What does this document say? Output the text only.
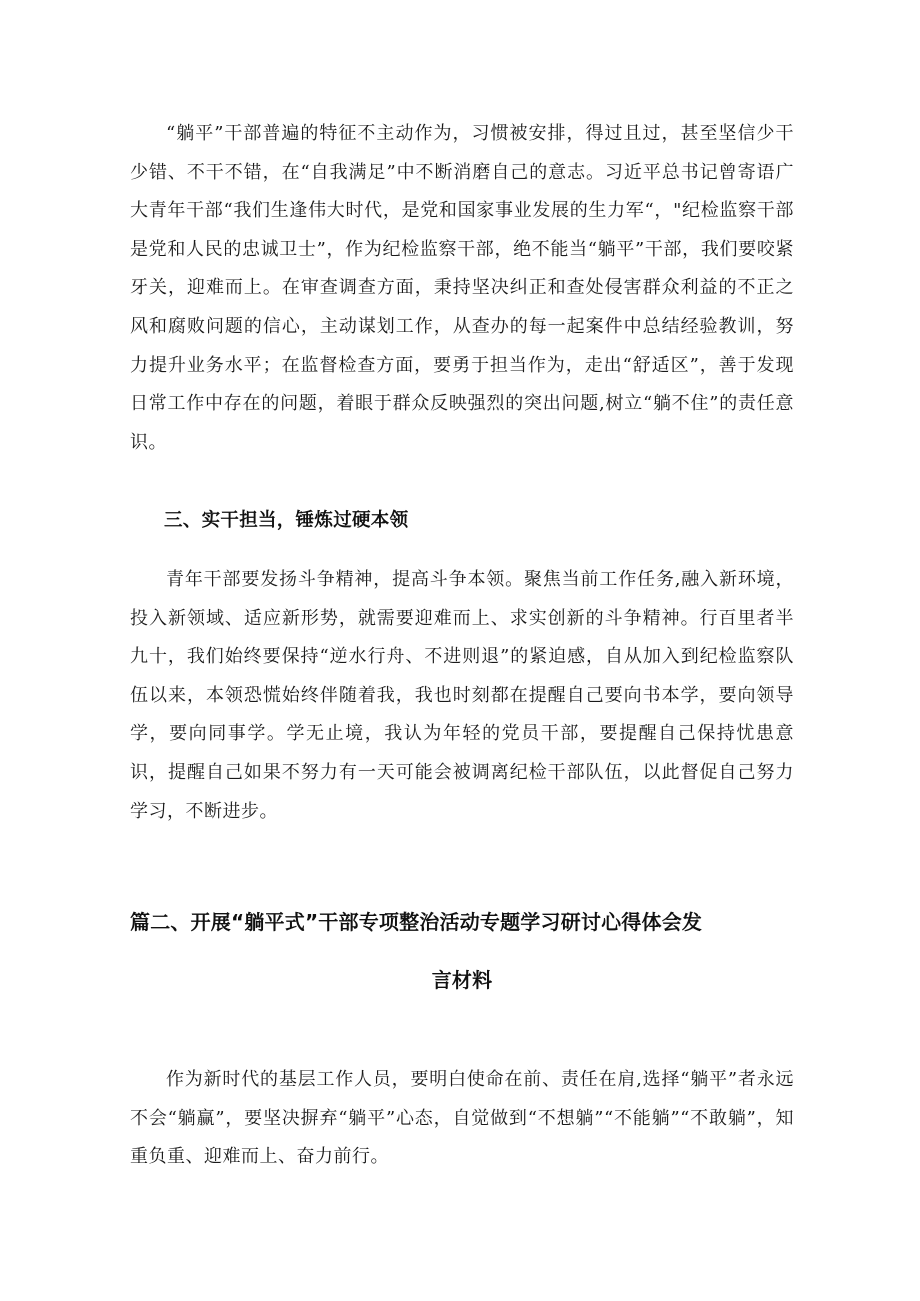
“躺平”干部普遍的特征不主动作为，习惯被安排，得过且过，甚至坚信少干少错、不干不错，在“自我满足”中不断消磨自己的意志。习近平总书记曾寄语广大青年干部“我们生逢伟大时代，是党和国家事业发展的生力军“，"纪检监察干部是党和人民的忠诚卫士”，作为纪检监察干部，绝不能当“躺平”干部，我们要咬紧牙关，迎难而上。在审查调查方面，秉持坚决纠正和查处侵害群众利益的不正之风和腐败问题的信心，主动谋划工作，从查办的每一起案件中总结经验教训，努力提升业务水平；在监督检查方面，要勇于担当作为，走出“舒适区”，善于发现日常工作中存在的问题，着眼于群众反映强烈的突出问题,树立“躺不住”的责任意识。

三、实干担当，锤炼过硬本领

青年干部要发扬斗争精神，提高斗争本领。聚焦当前工作任务,融入新环境，投入新领域、适应新形势，就需要迎难而上、求实创新的斗争精神。行百里者半九十，我们始终要保持“逆水行舟、不进则退”的紧迫感，自从加入到纪检监察队伍以来，本领恐慌始终伴随着我，我也时刻都在提醒自己要向书本学，要向领导学，要向同事学。学无止境，我认为年轻的党员干部，要提醒自己保持忧患意识，提醒自己如果不努力有一天可能会被调离纪检干部队伍，以此督促自己努力学习，不断进步。

篇二、开展“躺平式”干部专项整治活动专题学习研讨心得体会发
言材料

作为新时代的基层工作人员，要明白使命在前、责任在肩,选择“躺平”者永远不会“躺赢”，要坚决摒弃“躺平”心态，自觉做到“不想躺”“不能躺”“不敢躺”，知重负重、迎难而上、奋力前行。
